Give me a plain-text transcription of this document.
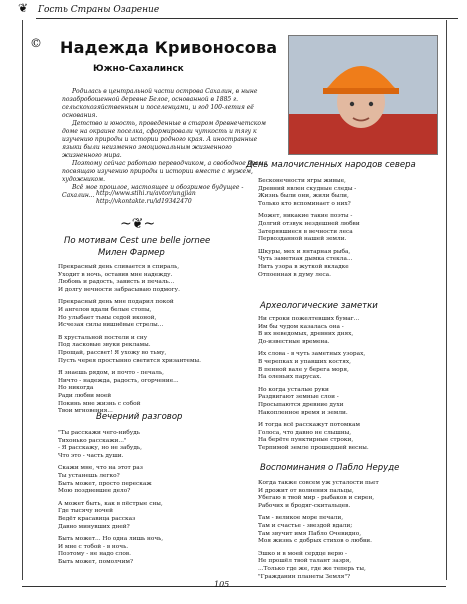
❦ Гость Страны Озарение
© Надежда Кривоносова
Южно-Сахалинск

Родилась в центральной части острова Сахалин, в ныне позабробошенной деревне Белое, основанной в 1885 г. сельскохозяйственным и поселенцами, и год 100-летия её основания.

Детство и юность, проведенные в старом древнечетском доме на окраине поселка, сформировали чуткость и тягу к изучению природы и истории родного края. А иностранные языки были неизменно эмоциональным жизненного жизненного мира.

Поэтому сейчас работаю переводчиком, а свободное время посвящаю изучению природы и истории вместе с мужем, художником.

Всё мое прошлое, настоящее и обозримое будущее - Сахалин... http://www.stihi.ru/avtor/ungjian
http://vkontakte.ru/id19342470
~❦~
По мотивам Cest une belle jornee
Милен Фармер
Прекрасный день сливается в спираль,
Уходит в ночь, оставив мне надежду.
Любовь и радость, зависть и печаль...
И долгу вечности забрасываю подмогу.
Прекрасный день мне подарил покой
И ангелов вдали белые стопы,
Но улыбает тьмы седой иконой,
Исчезая силы вишнёвые стрелы...
В хрустальной постели и сну
Под ласковые звуки рекламы.
Прощай, рассвет! Я ухожу во тьму,
Пусть черея простынно светится хризантемы.
Я знаешь рядом, и почто - печаль,
Ничто - надежда, радость, огорчение...
Но никогда
Ради любви моей
Покинь мне жизнь с собой
Твои мгновения...
Вечерний разговор
"Ты расскажи чего-нибудь
Тихонько расскажи..."
- Я расскажу, но не забудь,
Что это - часть души.
Скажи мне, что на этот раз
Ты устанешь легко?
Быть может, просто перескаж
Мою поздневшее дело?
А может быть, как в пёстрые сны,
Где тысячу ночей
Ведёт красавица рассказ
Давно минувших дней?
Быть может... Но одна лишь ночь,
И мне с тобой - в ночь.
Поэтому - не надо слов.
Быть может, помолчим?
День малочисленных народов севера
Бесконечности ягры живые,
Древний явлен скудные следы -
Жизнь были они, жили были,
Только кто вспоминает о них?
Может, никакие такие поэты -
Долгий отзвук нездешней любви
Затерявшиеся в вечности леса
Первозданной нашей земли.
Шкуры, мех и янтарная рыба,
Чуть заметная дымка стекла...
Нить узора в жуткой вкладке
Отпоенная в думу леса.
Археологические заметки
Ни строки пожелтевших бумаг...
Им бы чудом казалась она -
В их неведомых, древних днях,
До-известные времена.
Их слова - в чуть заметных узорах,
В черепках и упавших костях,
В пенной вале у берега моря,
На оленьих парусах.
Но когда усталые руки
Раздвигают земные слои -
Просыпаются древние духи
Накопленное время и земли.
И тогда всё расскажут потомкам
Голоса, что давно не слышны,
На берёте пунктирные строки,
Терпимой земле прошедшей весны.
Воспоминания о Пабло Неруде
Когда также совсем уж усталости пьет
И дрожит от волнения пальцы,
Убегаю в твой мир - рыбаков и сирен,
Рабочих и бродяг-скитальцев.
Там - великое море печали,
Там и счастье - звездой вдали;
Там звучит имя Пабло Очевидно,
Моя жизнь с добрых стихов о любви.
Эшко и в моей сердце верю -
Не прошёл твой талант зазря,
...Только где же, где же теперь ты,
"Гражданин планеты Земля"?
105
